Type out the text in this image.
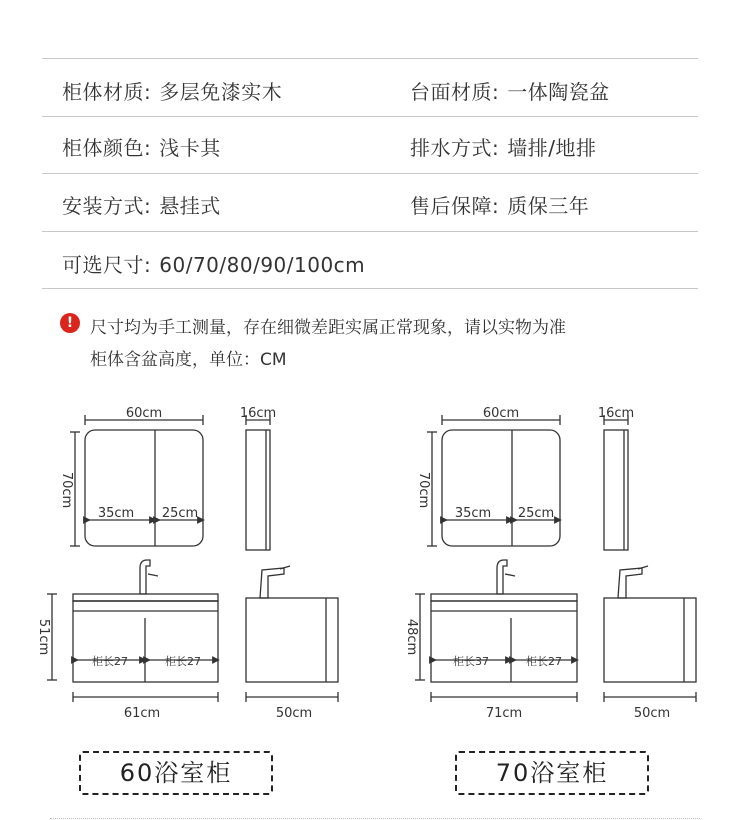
柜体材质: 多层免漆实木	台面材质: 一体陶瓷盆
柜体颜色: 浅卡其	排水方式: 墙排/地排
安装方式: 悬挂式	售后保障: 质保三年
可选尺寸: 60/70/80/90/100cm
! 尺寸均为手工测量，存在细微差距实属正常现象，请以实物为准
柜体含盆高度，单位：CM
60cm	16cm
70cm
35cm 25cm
51cm
柜长27	柜长27
61cm	50cm
60cm	16cm
70cm
35cm 25cm
48cm
柜长37	柜长27
71cm	50cm
60浴室柜	70浴室柜
